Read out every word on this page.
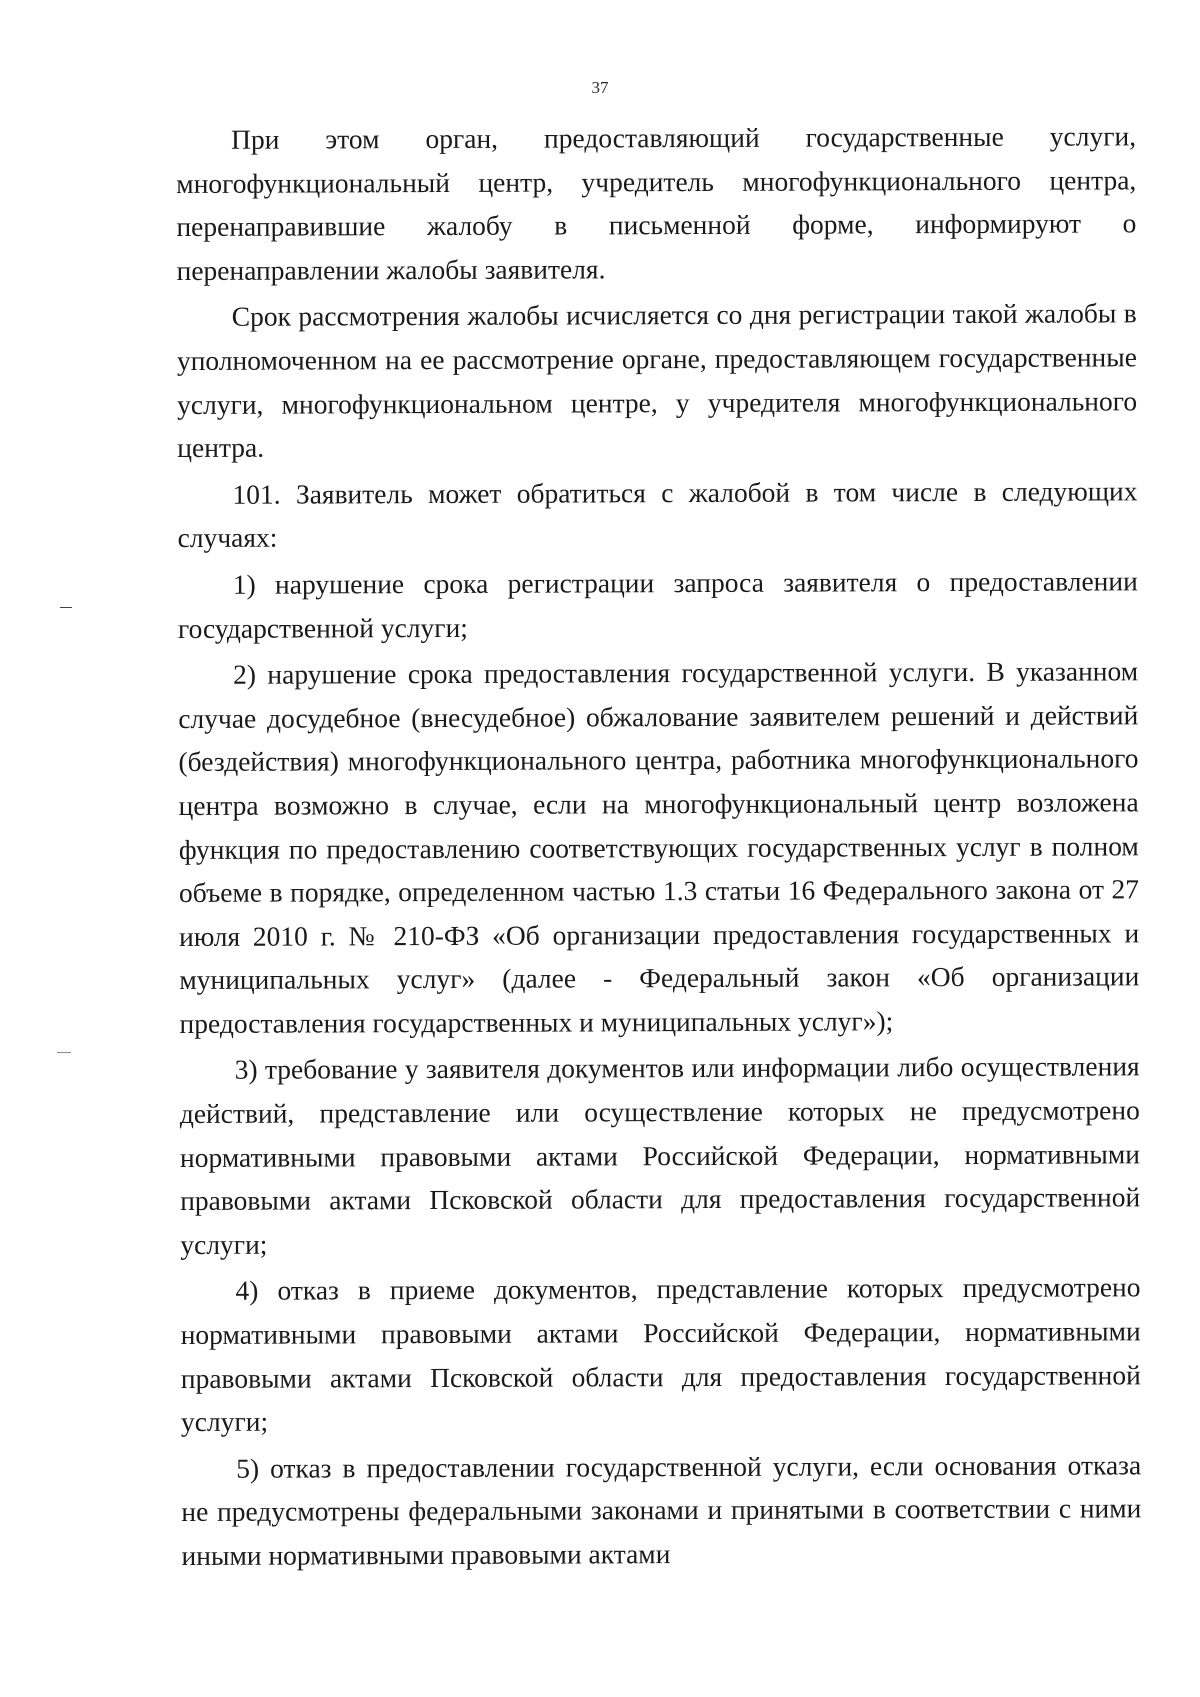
37

При этом орган, предоставляющий государственные услуги, многофункциональный центр, учредитель многофункционального центра, перенаправившие жалобу в письменной форме, информируют о перенаправлении жалобы заявителя.

Срок рассмотрения жалобы исчисляется со дня регистрации такой жалобы в уполномоченном на ее рассмотрение органе, предоставляющем государственные услуги, многофункциональном центре, у учредителя многофункционального центра.

101. Заявитель может обратиться с жалобой в том числе в следующих случаях:

1) нарушение срока регистрации запроса заявителя о предоставлении государственной услуги;

2) нарушение срока предоставления государственной услуги. В указанном случае досудебное (внесудебное) обжалование заявителем решений и действий (бездействия) многофункционального центра, работника многофункционального центра возможно в случае, если на многофункциональный центр возложена функция по предоставлению соответствующих государственных услуг в полном объеме в порядке, определенном частью 1.3 статьи 16 Федерального закона от 27 июля 2010 г. № 210-ФЗ «Об организации предоставления государственных и муниципальных услуг» (далее - Федеральный закон «Об организации предоставления государственных и муниципальных услуг»);

3) требование у заявителя документов или информации либо осуществления действий, представление или осуществление которых не предусмотрено нормативными правовыми актами Российской Федерации, нормативными правовыми актами Псковской области для предоставления государственной услуги;

4) отказ в приеме документов, представление которых предусмотрено нормативными правовыми актами Российской Федерации, нормативными правовыми актами Псковской области для предоставления государственной услуги;

5) отказ в предоставлении государственной услуги, если основания отказа не предусмотрены федеральными законами и принятыми в соответствии с ними иными нормативными правовыми актами
